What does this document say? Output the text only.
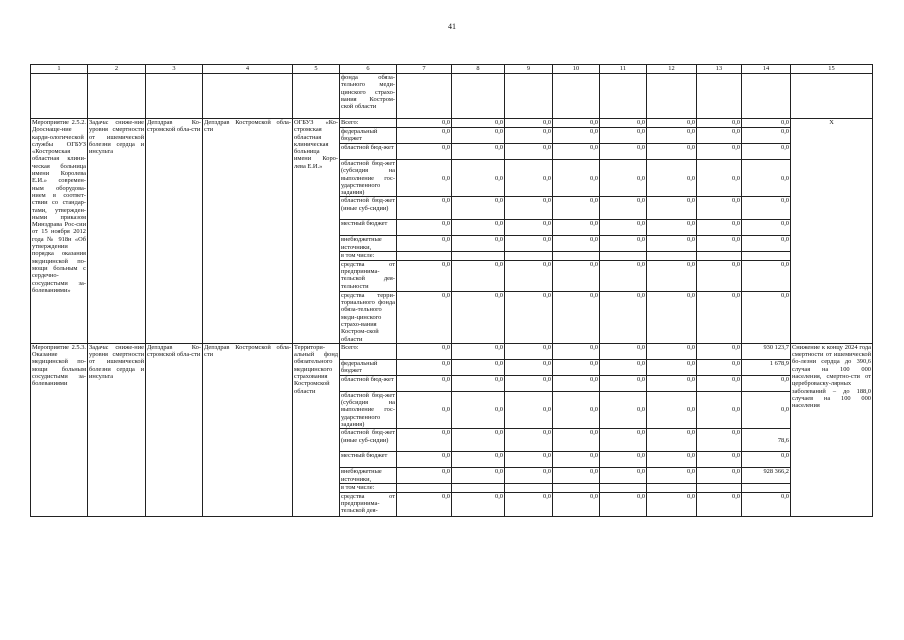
41
1	2	3	4	5	6	7	8	9	10	11	12	13	14	15
					фонда обяза-тельного меди-цинского страхо-вания Костром-ской области									
Мероприятие 2.5.2. Дооснаще-ние карди-ологической службы ОГБУЗ «Костромская областная клини-ческая больница имени Королева Е.И.» современ-ным оборудова-нием в соответ-ствии со стандар-тами, утвержден-ными приказом Минздрава Рос-сии от 15 ноября 2012 года № 918н «Об утверждении порядка оказания медицинской по-мощи больным с сердечно-сосудистыми за-болеваниями»	Задача: сниже-ние уровня смертности от ишемической болезни сердца и инсульта	Депздрав Ко-стромской обла-сти	Депздрав Костромской обла-сти	ОГБУЗ «Ко-стромская областная клиническая больница имени Коро-лева Е.И.»	Всего:	0,0	0,0	0,0	0,0	0,0	0,0	0,0	0,0	Х
					федеральный бюджет	0,0	0,0	0,0	0,0	0,0	0,0	0,0	0,0	
					областной бюд-жет	0,0	0,0	0,0	0,0	0,0	0,0	0,0	0,0	
					областной бюд-жет (субсидия на выполнение гос-ударственного задания)	0,0	0,0	0,0	0,0	0,0	0,0	0,0	0,0	
					областной бюд-жет (иные суб-сидии)	0,0	0,0	0,0	0,0	0,0	0,0	0,0	0,0	
					местный бюджет	0,0	0,0	0,0	0,0	0,0	0,0	0,0	0,0	
					внебюджетные источники,	0,0	0,0	0,0	0,0	0,0	0,0	0,0	0,0	
					в том числе:									
					средства от предпринима-тельской дея-тельности	0,0	0,0	0,0	0,0	0,0	0,0	0,0	0,0	
					средства терри-ториального фонда обяза-тельного меди-цинского страхо-вания Костром-ской области	0,0	0,0	0,0	0,0	0,0	0,0	0,0	0,0	
Мероприятие 2.5.3. Оказание медицинской по-мощи больным сосудистыми за-болеваниями	Задача: сниже-ние уровня смертности от ишемической болезни сердца и инсульта	Депздрав Ко-стромской обла-сти	Депздрав Костромской обла-сти	Территори-альный фонд обязательного медицинского страхования Костромской области	Всего:	0,0	0,0	0,0	0,0	0,0	0,0	0,0	930 123,7	Снижение к концу 2024 года смертности от ишемической бо-лезни сердца до 390,6 случая на 100 000 населения, смертно-сти от цереброваску-лярных заболеваний – до 188,0 случаев на 100 000 населения
					федеральный бюджет	0,0	0,0	0,0	0,0	0,0	0,0	0,0	1 678,9	
					областной бюд-жет	0,0	0,0	0,0	0,0	0,0	0,0	0,0	0,0	
					областной бюд-жет (субсидия на выполнение гос-ударственного задания)	0,0	0,0	0,0	0,0	0,0	0,0	0,0	0,0	
					областной бюд-жет (иные суб-сидии)	0,0	0,0	0,0	0,0	0,0	0,0	0,0	78,6	
					местный бюджет	0,0	0,0	0,0	0,0	0,0	0,0	0,0	0,0	
					внебюджетные источники,	0,0	0,0	0,0	0,0	0,0	0,0	0,0	928 366,2	
					в том числе:									
					средства от предпринима-тельской дея-	0,0	0,0	0,0	0,0	0,0	0,0	0,0	0,0	
